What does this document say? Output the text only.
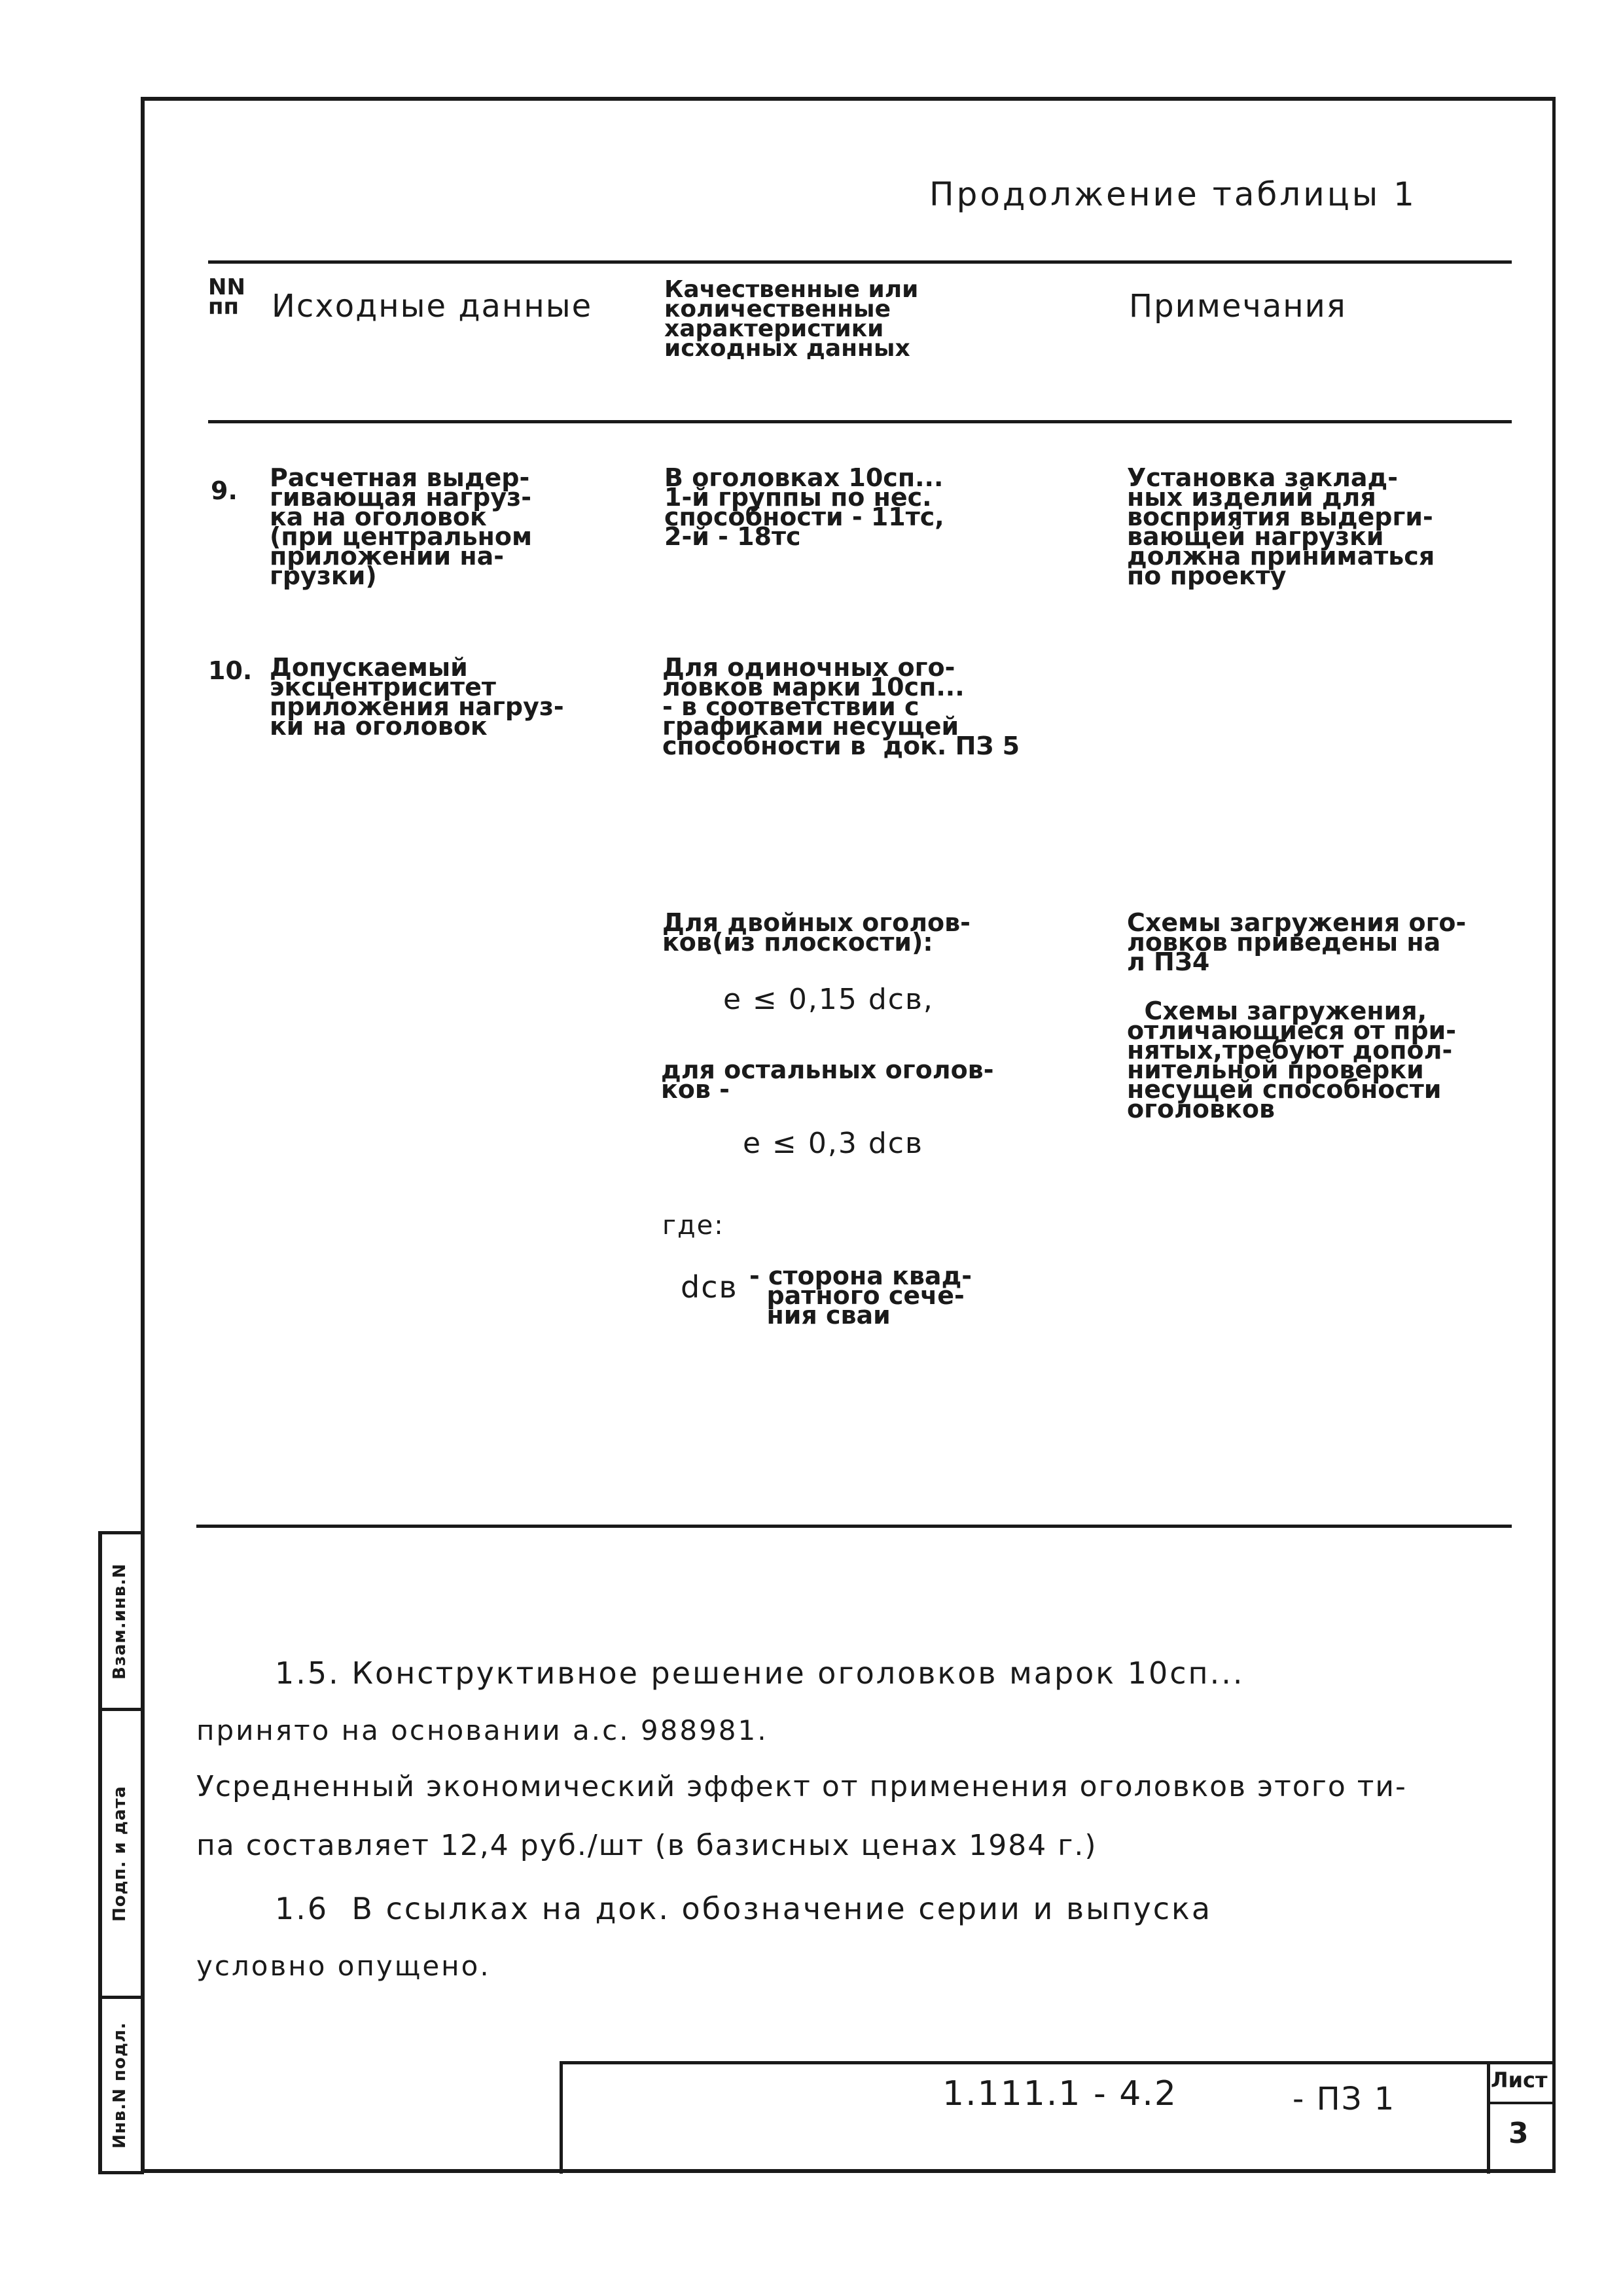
Взам.инв.N
Подп. и дата
Инв.N подл.
Продолжение таблицы 1
NN
пп Исходные данные	Качественные или
количественные
характеристики
исходных данных
Примечания
9. Расчетная выдер-
гивающая нагруз-
ка на оголовок
(при центральном
приложении на-
грузки)
В оголовках 10сп...
1-й группы по нес.
способности - 11тс,
2-й - 18тс
Установка заклад-
ных изделий для
восприятия выдерги-
вающей нагрузки
должна приниматься
по проекту
10. Допускаемый
эксцентриситет
приложения нагруз-
ки на оголовок
Для одиночных ого-
ловков марки 10сп...
- в соответствии с
графиками несущей
способности в  док. ПЗ 5
Для двойных оголов-
ков(из плоскости):
e ≤ 0,15 dсв,
для остальных оголов-
ков -
e ≤ 0,3 dсв
где:
dсв - сторона квад-
ратного сече-
ния сваи
Схемы загружения ого-
ловков приведены на
л ПЗ4
Схемы загружения,
отличающиеся от при-
нятых,требуют допол-
нительной проверки
несущей способности
оголовков
1.5. Конструктивное решение оголовков марок 10сп...
принято на основании а.с. 988981.
Усредненный экономический эффект от применения оголовков этого ти-
па составляет 12,4 руб./шт (в базисных ценах 1984 г.)
1.6  В ссылках на док. обозначение серии и выпуска
условно опущено.
1.111.1 - 4.2	- ПЗ 1
Лист
3
